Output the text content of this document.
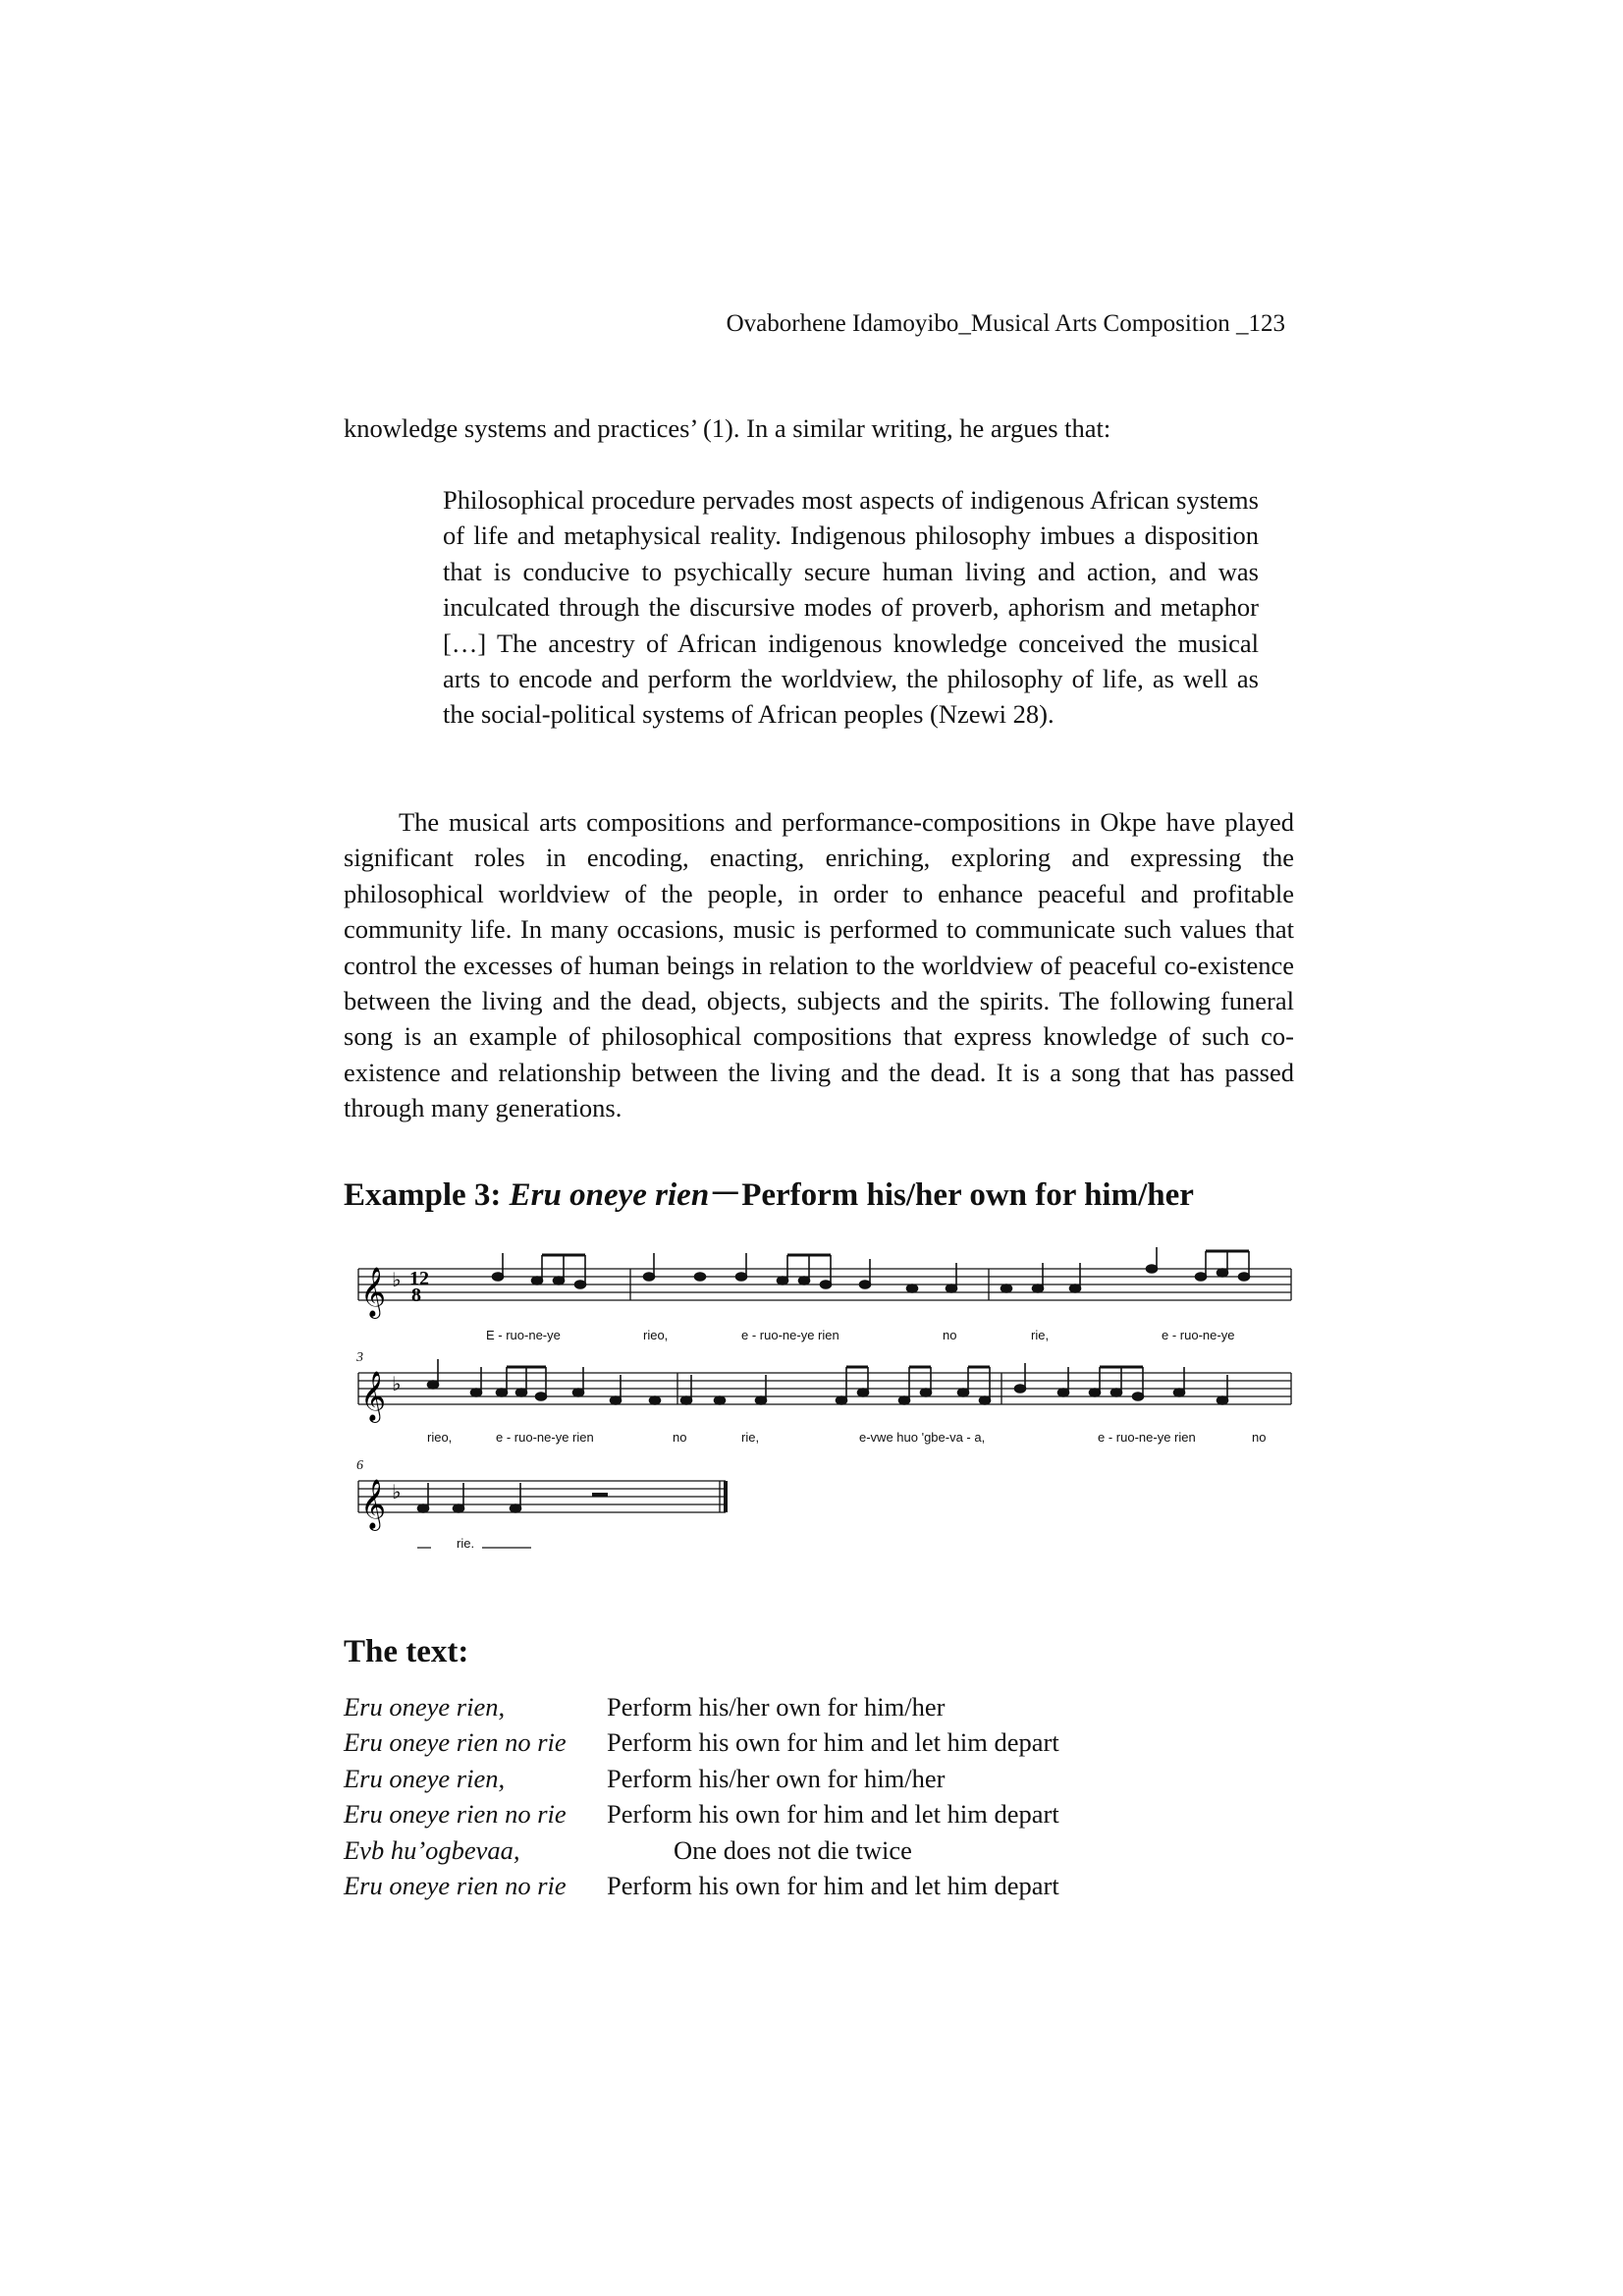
Ovaborhene Idamoyibo_Musical Arts Composition _123
knowledge systems and practices’ (1). In a similar writing, he argues that:
Philosophical procedure pervades most aspects of indigenous African systems of life and metaphysical reality. Indigenous philosophy imbues a disposition that is conducive to psychically secure human living and action, and was inculcated through the discursive modes of proverb, aphorism and metaphor […] The ancestry of African indigenous knowledge conceived the musical arts to encode and perform the worldview, the philosophy of life, as well as the social-political systems of African peoples (Nzewi 28).
The musical arts compositions and performance-compositions in Okpe have played significant roles in encoding, enacting, enriching, exploring and expressing the philosophical worldview of the people, in order to enhance peaceful and profitable community life. In many occasions, music is performed to communicate such values that control the excesses of human beings in relation to the worldview of peaceful co-existence between the living and the dead, objects, subjects and the spirits. The following funeral song is an example of philosophical compositions that express knowledge of such co-existence and relationship between the living and the dead. It is a song that has passed through many generations.
Example 3: Eru oneye rien－Perform his/her own for him/her
𝄞 ♭ 12
8
E - ruo-ne-ye	rieo,	e - ruo-ne-ye rien	no	rie,	e - ruo-ne-ye
3
𝄞 ♭
rieo,	e - ruo-ne-ye rien	no	rie,	e-vwe huo 'gbe-va - a,	e - ruo-ne-ye rien	no
6
𝄞 ♭
rie.
The text:
Eru oneye rien,	Perform his/her own for him/her
Eru oneye rien no rie	Perform his own for him and let him depart
Eru oneye rien,	Perform his/her own for him/her
Eru oneye rien no rie	Perform his own for him and let him depart
Evb hu’ogbevaa,	One does not die twice
Eru oneye rien no rie	Perform his own for him and let him depart
